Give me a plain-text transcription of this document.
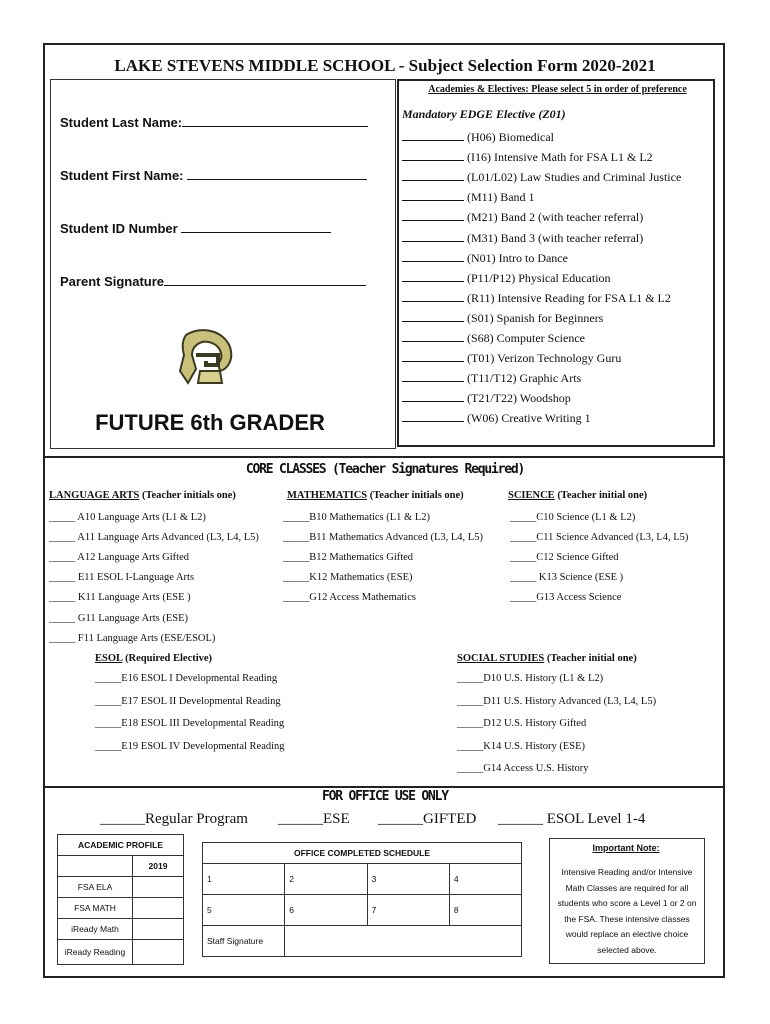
LAKE STEVENS MIDDLE SCHOOL - Subject Selection Form 2020-2021
Student Last Name:
Student First Name:
Student ID Number
Parent Signature
FUTURE 6th GRADER
Academies & Electives: Please select 5 in order of preference
Mandatory EDGE Elective (Z01)
(H06) Biomedical
(I16) Intensive Math for FSA L1 & L2
(L01/L02) Law Studies and Criminal Justice
(M11) Band 1
(M21) Band 2 (with teacher referral)
(M31) Band 3 (with teacher referral)
(N01) Intro to Dance
(P11/P12) Physical Education
(R11) Intensive Reading for FSA L1 & L2
(S01) Spanish for Beginners
(S68) Computer Science
(T01) Verizon Technology Guru
(T11/T12) Graphic Arts
(T21/T22) Woodshop
(W06) Creative Writing 1
CORE CLASSES (Teacher Signatures Required)
LANGUAGE ARTS (Teacher initials one)	MATHEMATICS (Teacher initials one)	SCIENCE (Teacher initial one)
ESOL (Required Elective)	SOCIAL STUDIES (Teacher initial one)
_____ A10 Language Arts (L1 & L2)
_____ A11 Language Arts Advanced (L3, L4, L5)
_____ A12 Language Arts Gifted
_____ E11 ESOL I-Language Arts
_____ K11 Language Arts (ESE )
_____ G11 Language Arts (ESE)
_____ F11 Language Arts (ESE/ESOL)
_____B10 Mathematics (L1 & L2)
_____B11 Mathematics Advanced (L3, L4, L5)
_____B12 Mathematics Gifted
_____K12 Mathematics (ESE)
_____G12 Access Mathematics
_____C10 Science (L1 & L2)
_____C11 Science Advanced (L3, L4, L5)
_____C12 Science Gifted
_____ K13 Science (ESE )
_____G13 Access Science
_____E16 ESOL I Developmental Reading
_____E17 ESOL II Developmental Reading
_____E18 ESOL III Developmental Reading
_____E19 ESOL IV Developmental Reading
_____D10 U.S. History (L1 & L2)
_____D11 U.S. History Advanced (L3, L4, L5)
_____D12 U.S. History Gifted
_____K14 U.S. History (ESE)
_____G14 Access U.S. History
FOR OFFICE USE ONLY
______Regular Program ______ESE ______GIFTED ______ ESOL Level 1-4
ACADEMIC PROFILE	
	2019
FSA ELA	
FSA MATH	
iReady Math	
iReady Reading	
OFFICE COMPLETED SCHEDULE			
1	2	3	4
5	6	7	8
Staff Signature			
Important Note:
Intensive Reading and/or Intensive Math Classes are required for all students who score a Level 1 or 2 on the FSA. These intensive classes would replace an elective choice selected above.
